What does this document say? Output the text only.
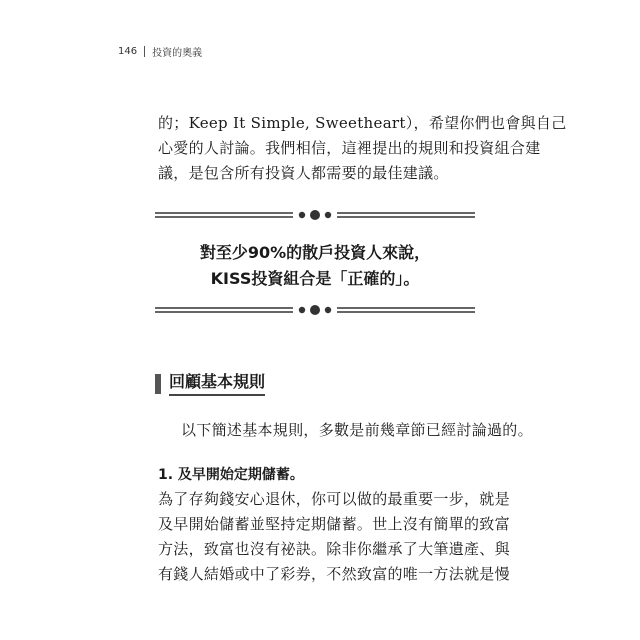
146 投資的奧義
的；Keep It Simple, Sweetheart），希望你們也會與自己
心愛的人討論。我們相信，這裡提出的規則和投資組合建
議，是包含所有投資人都需要的最佳建議。
對至少90%的散戶投資人來說，
KISS投資組合是「正確的」。
回顧基本規則
以下簡述基本規則，多數是前幾章節已經討論過的。
1. 及早開始定期儲蓄。
為了存夠錢安心退休，你可以做的最重要一步，就是
及早開始儲蓄並堅持定期儲蓄。世上沒有簡單的致富
方法，致富也沒有祕訣。除非你繼承了大筆遺產、與
有錢人結婚或中了彩券，不然致富的唯一方法就是慢
